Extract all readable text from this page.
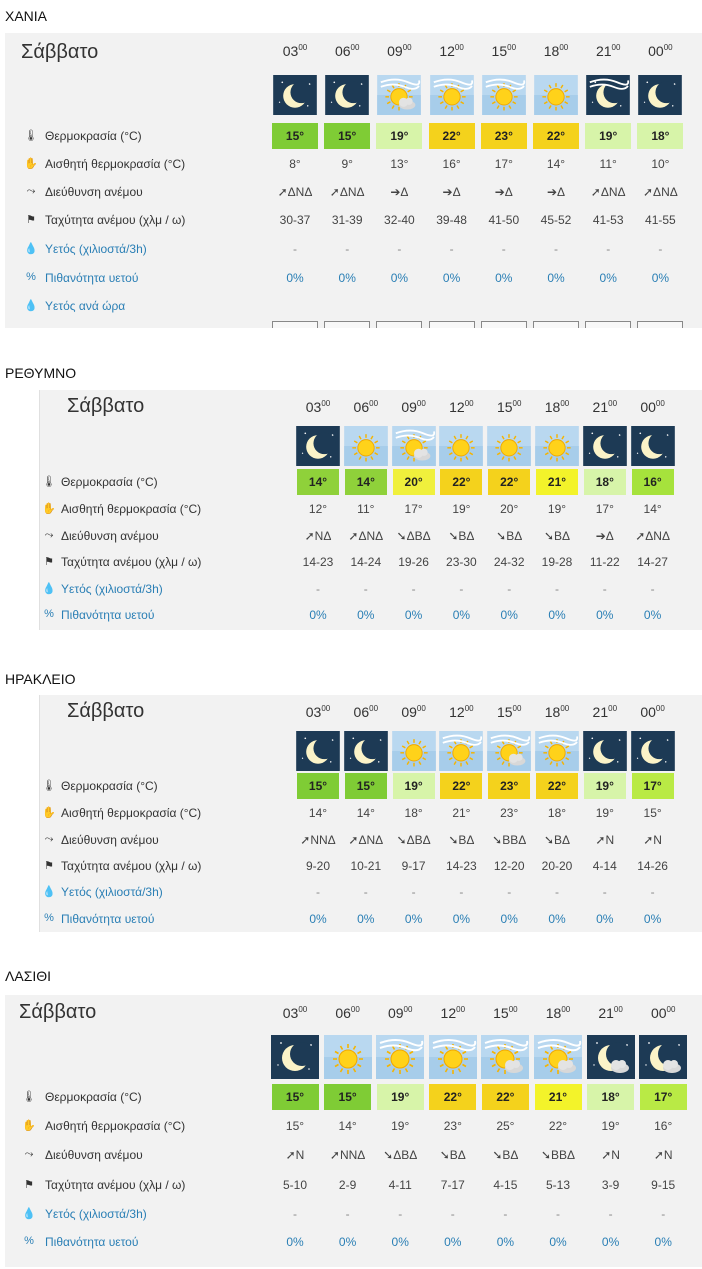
ΧΑΝΙΑ
Σάββατο	$03^{00}$	$06^{00}$	$09^{00}$	$12^{00}$	$15^{00}$	$18^{00}$	$21^{00}$	$00^{00}$
🌡 Θερμοκρασία (°C)	15°	15°	19°	22°	23°	22°	19°	18°
✋ Αισθητή θερμοκρασία (°C)	8°	9°	13°	16°	17°	14°	11°	10°
⤳ Διεύθυνση ανέμου	➚ΔΝΔ	➚ΔΝΔ	➔Δ	➔Δ	➔Δ	➔Δ	➚ΔΝΔ	➚ΔΝΔ
⚑ Ταχύτητα ανέμου (χλμ / ω)	30-37	31-39	32-40	39-48	41-50	45-52	41-53	41-55
💧 Υετός (χιλιοστά/3h)	-	-	-	-	-	-	-	-
% Πιθανότητα υετού	0%	0%	0%	0%	0%	0%	0%	0%
💧 Υετός ανά ώρα
ΡΕΘΥΜΝΟ
Σάββατο	$03^{00}$	$06^{00}$	$09^{00}$	$12^{00}$	$15^{00}$	$18^{00}$	$21^{00}$	$00^{00}$
🌡 Θερμοκρασία (°C)	14°	14°	20°	22°	22°	21°	18°	16°
✋ Αισθητή θερμοκρασία (°C)	12°	11°	17°	19°	20°	19°	17°	14°
⤳ Διεύθυνση ανέμου	➚ΝΔ	➚ΔΝΔ	➘ΔΒΔ	➘ΒΔ	➘ΒΔ	➘ΒΔ	➔Δ	➚ΔΝΔ
⚑ Ταχύτητα ανέμου (χλμ / ω)	14-23	14-24	19-26	23-30	24-32	19-28	11-22	14-27
💧 Υετός (χιλιοστά/3h)	-	-	-	-	-	-	-	-
% Πιθανότητα υετού	0%	0%	0%	0%	0%	0%	0%	0%
ΗΡΑΚΛΕΙΟ
Σάββατο	$03^{00}$	$06^{00}$	$09^{00}$	$12^{00}$	$15^{00}$	$18^{00}$	$21^{00}$	$00^{00}$
🌡 Θερμοκρασία (°C)	15°	15°	19°	22°	23°	22°	19°	17°
✋ Αισθητή θερμοκρασία (°C)	14°	14°	18°	21°	23°	18°	19°	15°
⤳ Διεύθυνση ανέμου	➚ΝΝΔ	➚ΔΝΔ	➘ΔΒΔ	➘ΒΔ	➘ΒΒΔ	➘ΒΔ	➚Ν	➚Ν
⚑ Ταχύτητα ανέμου (χλμ / ω)	9-20	10-21	9-17	14-23	12-20	20-20	4-14	14-26
💧 Υετός (χιλιοστά/3h)	-	-	-	-	-	-	-	-
% Πιθανότητα υετού	0%	0%	0%	0%	0%	0%	0%	0%
ΛΑΣΙΘΙ
Σάββατο	$03^{00}$	$06^{00}$	$09^{00}$	$12^{00}$	$15^{00}$	$18^{00}$	$21^{00}$	$00^{00}$
🌡 Θερμοκρασία (°C)	15°	15°	19°	22°	22°	21°	18°	17°
✋ Αισθητή θερμοκρασία (°C)	15°	14°	19°	23°	25°	22°	19°	16°
⤳ Διεύθυνση ανέμου	➚Ν	➚ΝΝΔ	➘ΔΒΔ	➘ΒΔ	➘ΒΔ	➘ΒΒΔ	➚Ν	➚Ν
⚑ Ταχύτητα ανέμου (χλμ / ω)	5-10	2-9	4-11	7-17	4-15	5-13	3-9	9-15
💧 Υετός (χιλιοστά/3h)	-	-	-	-	-	-	-	-
% Πιθανότητα υετού	0%	0%	0%	0%	0%	0%	0%	0%
